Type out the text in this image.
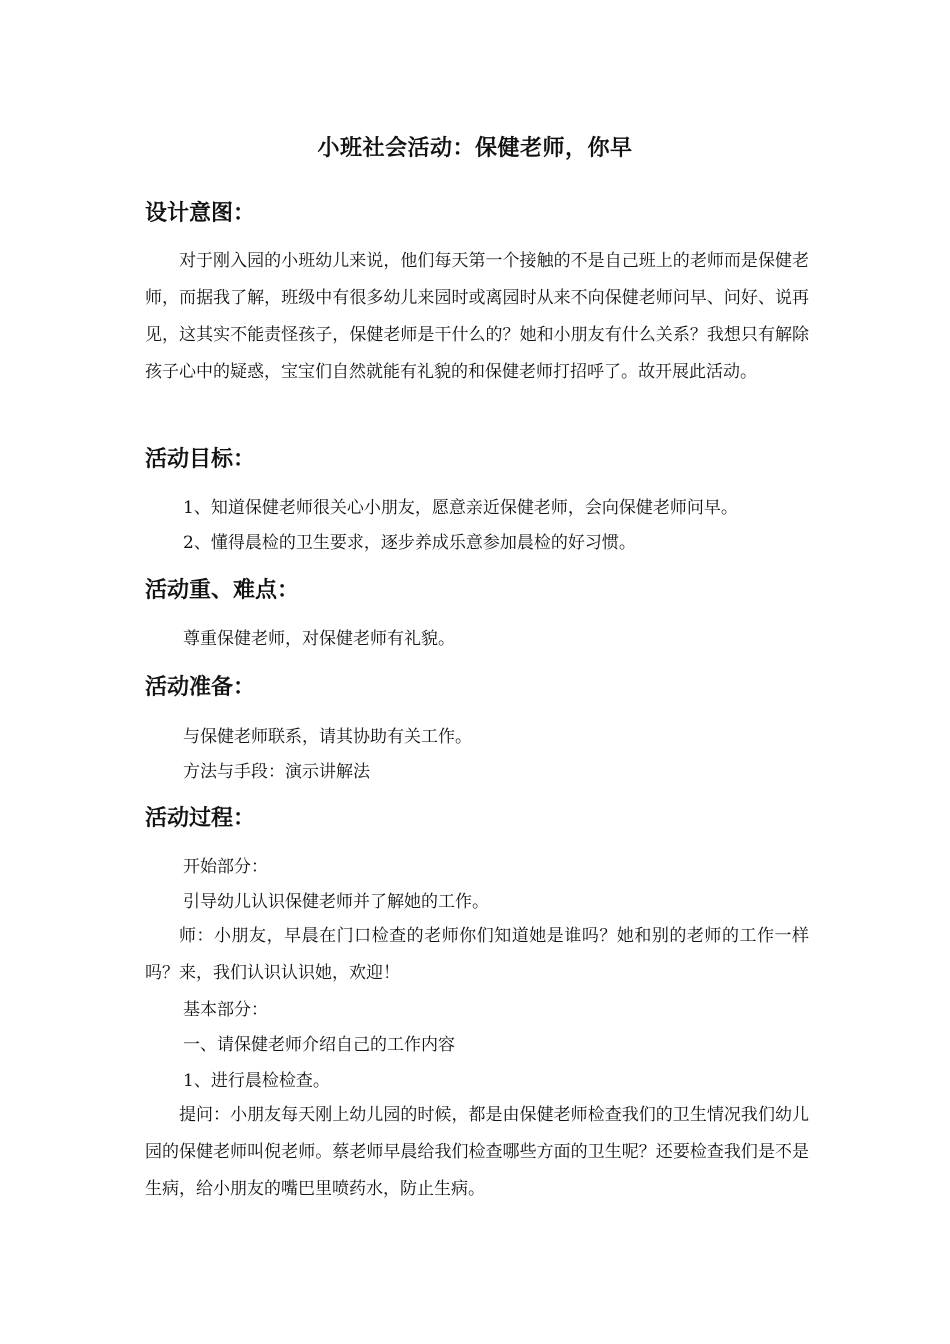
小班社会活动：保健老师，你早
设计意图：

对于刚入园的小班幼儿来说，他们每天第一个接触的不是自己班上的老师而是保健老师，而据我了解，班级中有很多幼儿来园时或离园时从来不向保健老师问早、问好、说再见，这其实不能责怪孩子，保健老师是干什么的？她和小朋友有什么关系？我想只有解除孩子心中的疑惑，宝宝们自然就能有礼貌的和保健老师打招呼了。故开展此活动。

活动目标：

1、知道保健老师很关心小朋友，愿意亲近保健老师，会向保健老师问早。

2、懂得晨检的卫生要求，逐步养成乐意参加晨检的好习惯。

活动重、难点：

尊重保健老师，对保健老师有礼貌。

活动准备：

与保健老师联系，请其协助有关工作。

方法与手段：演示讲解法

活动过程：

开始部分：

引导幼儿认识保健老师并了解她的工作。

师：小朋友，早晨在门口检查的老师你们知道她是谁吗？她和别的老师的工作一样吗？来，我们认识认识她，欢迎！

基本部分：

一、请保健老师介绍自己的工作内容

1、进行晨检检查。

提问：小朋友每天刚上幼儿园的时候，都是由保健老师检查我们的卫生情况我们幼儿园的保健老师叫倪老师。蔡老师早晨给我们检查哪些方面的卫生呢？还要检查我们是不是生病，给小朋友的嘴巴里喷药水，防止生病。
